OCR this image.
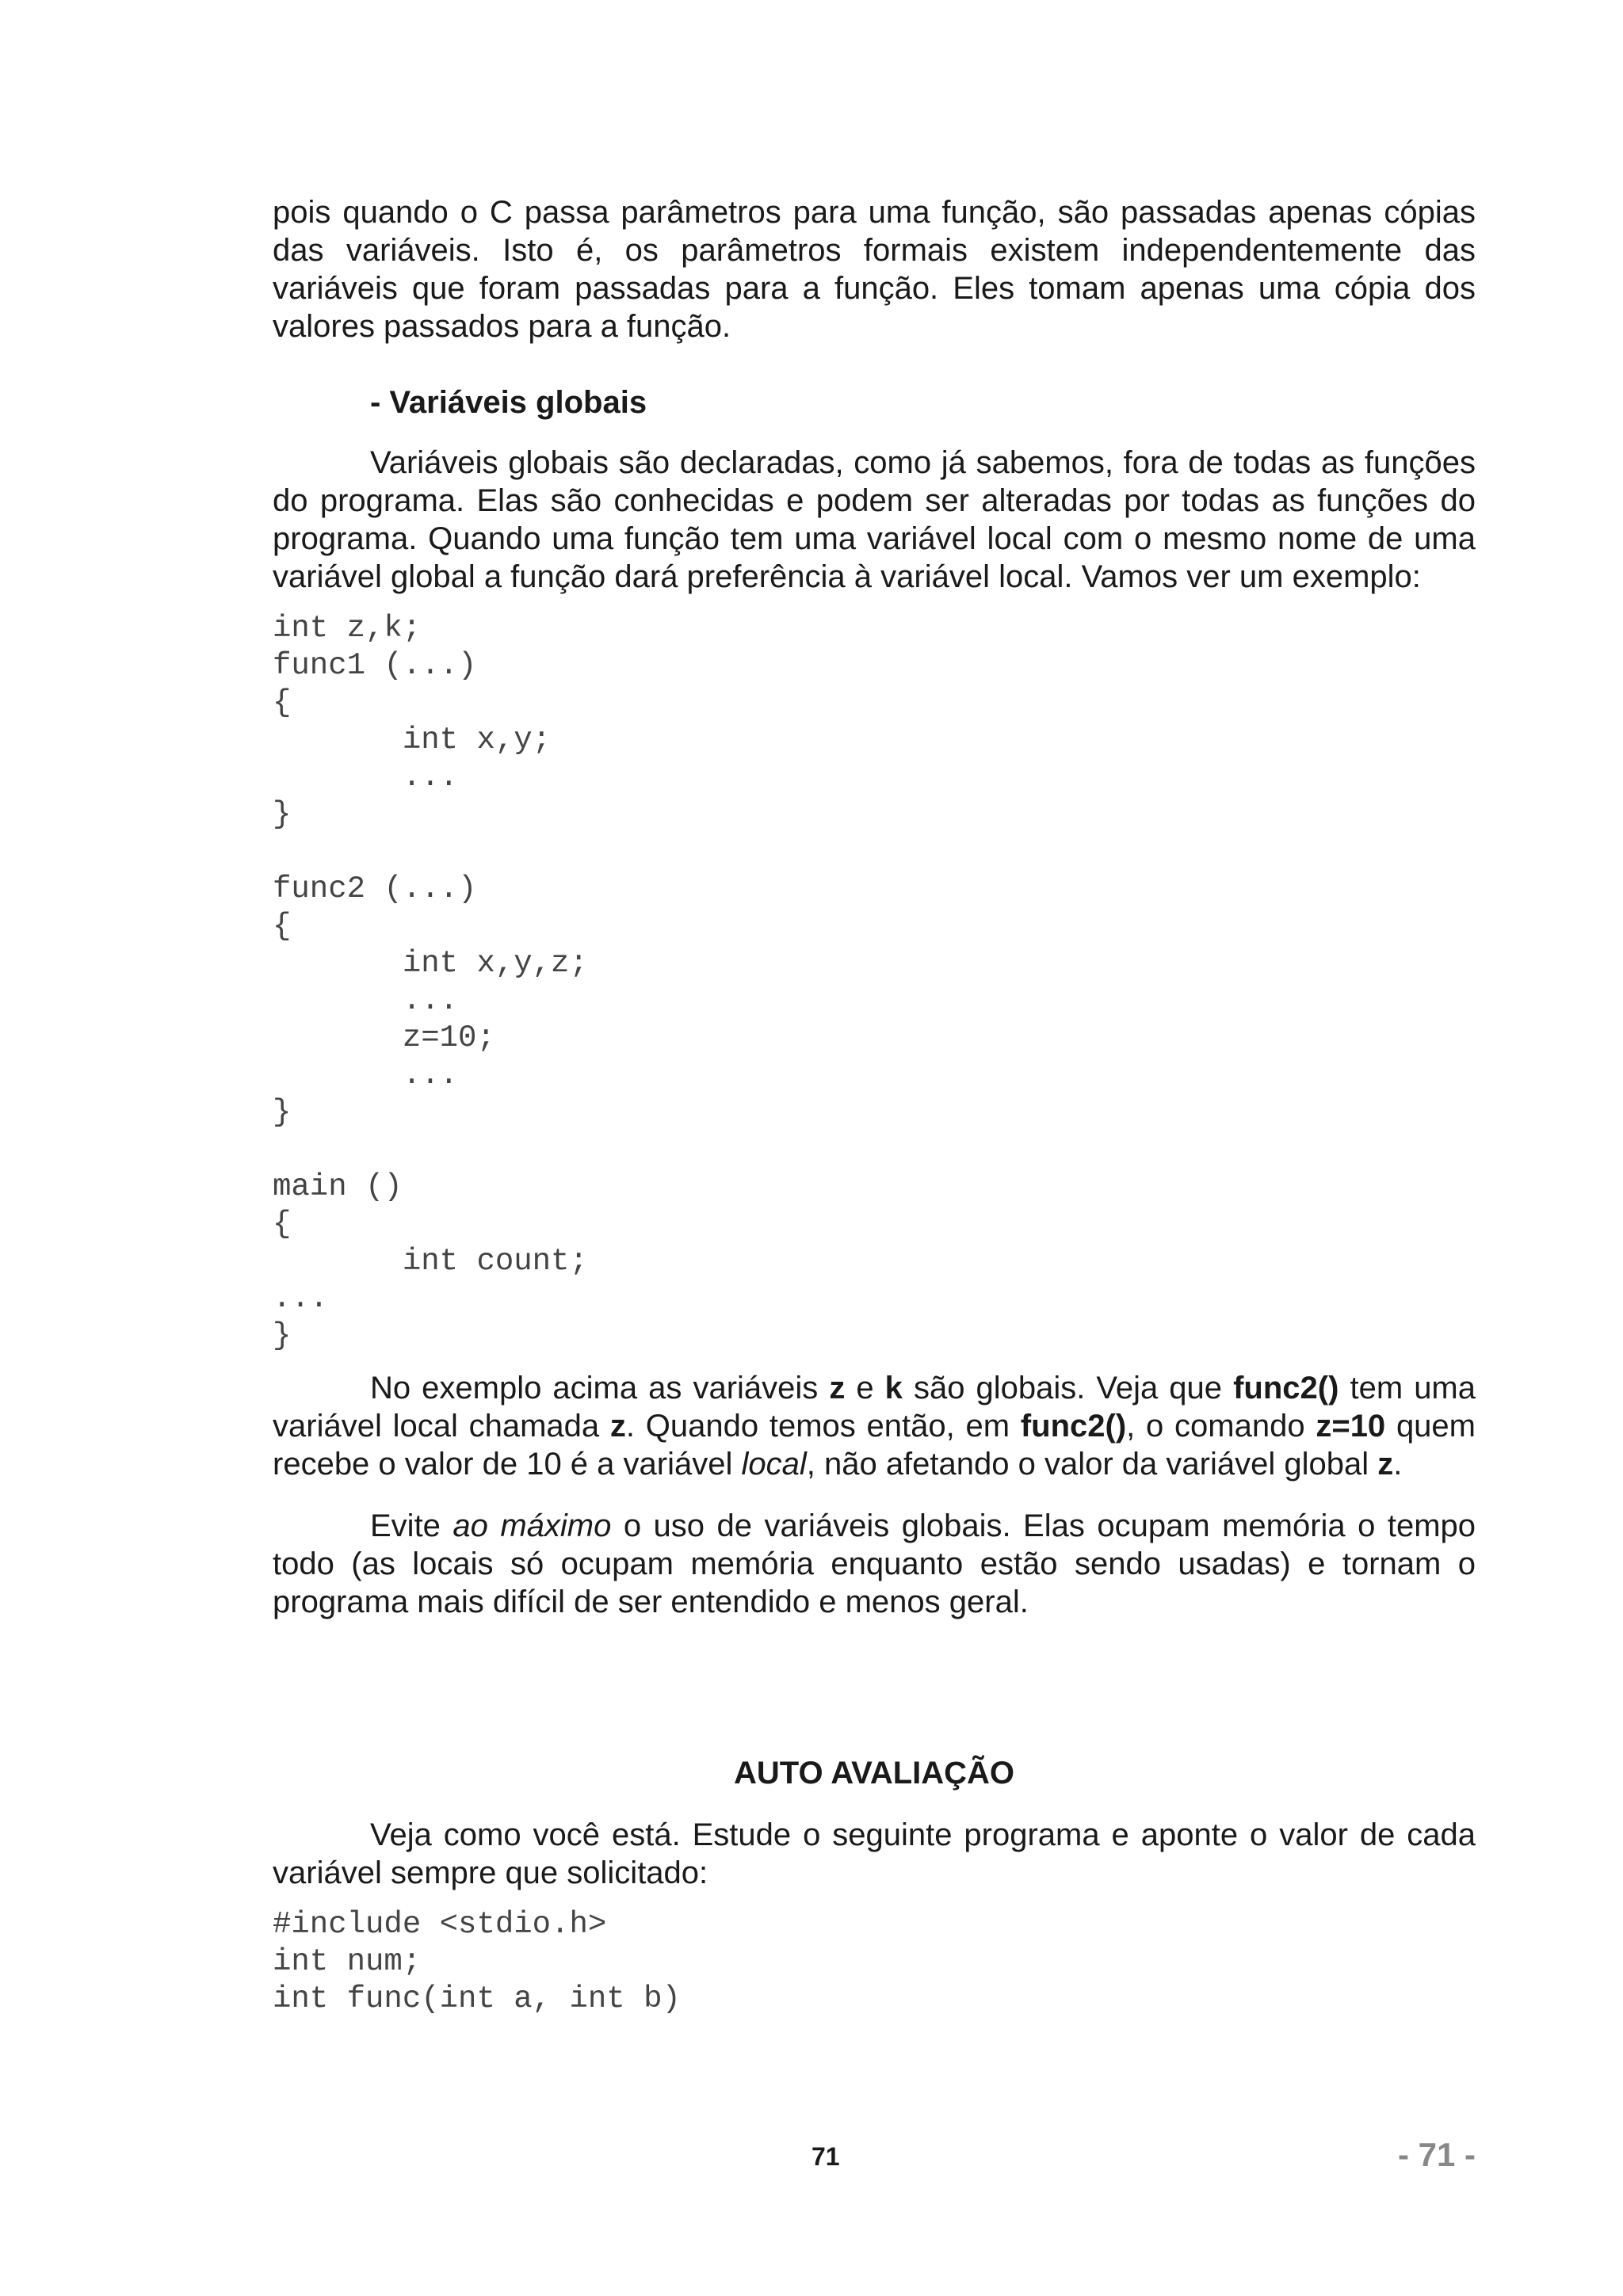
pois quando o C passa parâmetros para uma função, são passadas apenas cópias das variáveis. Isto é, os parâmetros formais existem independentemente das variáveis que foram passadas para a função. Eles tomam apenas uma cópia dos valores passados para a função.

- Variáveis globais

Variáveis globais são declaradas, como já sabemos, fora de todas as funções do programa. Elas são conhecidas e podem ser alteradas por todas as funções do programa. Quando uma função tem uma variável local com o mesmo nome de uma variável global a função dará preferência à variável local. Vamos ver um exemplo:

int z,k;
func1 (...)
{
int x,y;
...
}

func2 (...)
{
int x,y,z;
...
z=10;
...
}

main ()
{
int count;
...
}

No exemplo acima as variáveis z e k são globais. Veja que func2() tem uma variável local chamada z. Quando temos então, em func2(), o comando z=10 quem recebe o valor de 10 é a variável local, não afetando o valor da variável global z.

Evite ao máximo o uso de variáveis globais. Elas ocupam memória o tempo todo (as locais só ocupam memória enquanto estão sendo usadas) e tornam o programa mais difícil de ser entendido e menos geral.

AUTO AVALIAÇÃO

Veja como você está. Estude o seguinte programa e aponte o valor de cada variável sempre que solicitado:

#include <stdio.h>
int num;
int func(int a, int b)
71	- 71 -
